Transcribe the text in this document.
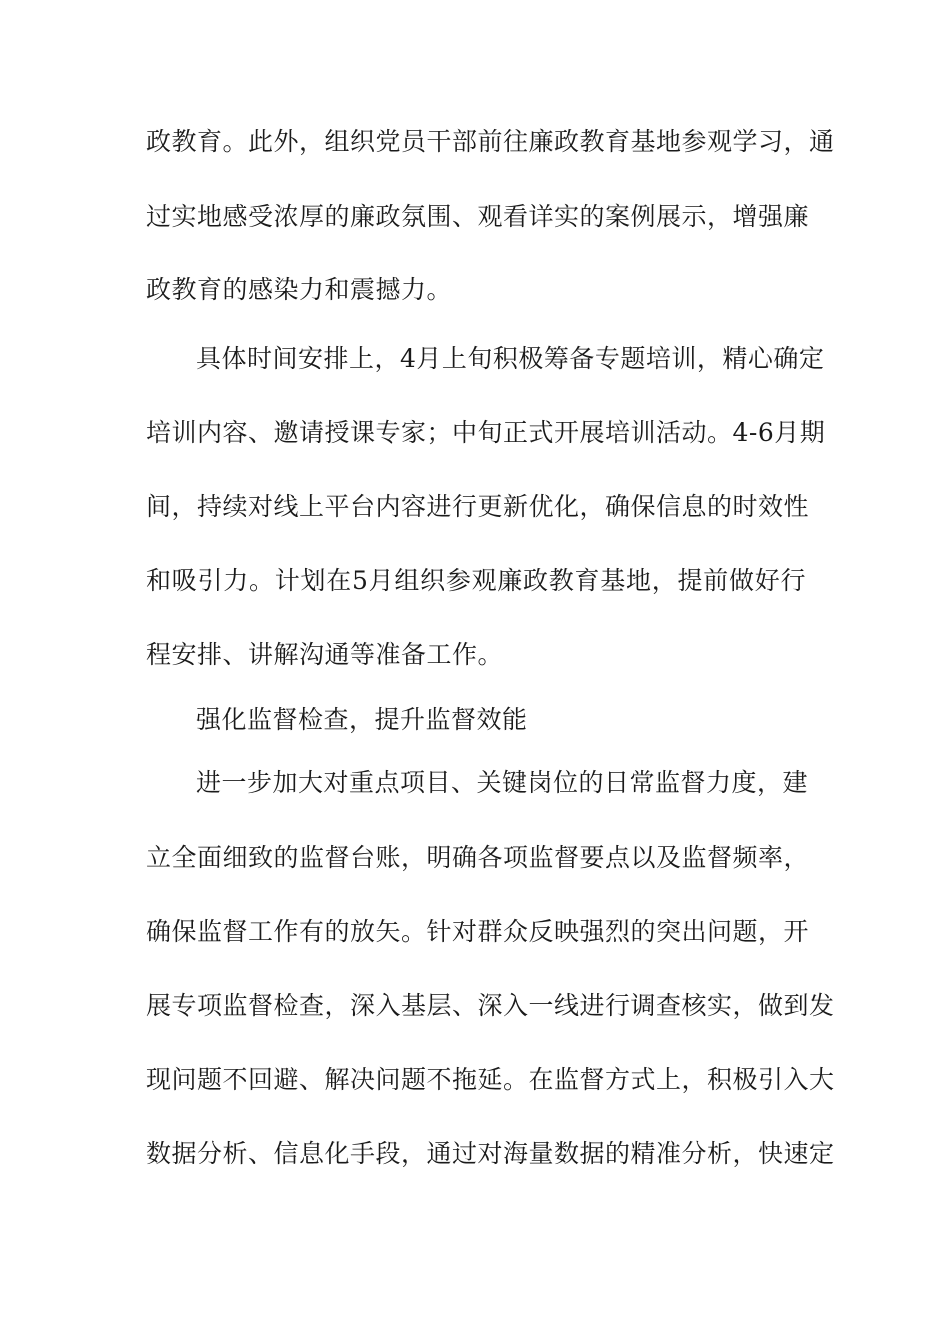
政教育。此外，组织党员干部前往廉政教育基地参观学习，通
过实地感受浓厚的廉政氛围、观看详实的案例展示，增强廉
政教育的感染力和震撼力。
具体时间安排上，4月上旬积极筹备专题培训，精心确定
培训内容、邀请授课专家；中旬正式开展培训活动。4-6月期
间，持续对线上平台内容进行更新优化，确保信息的时效性
和吸引力。计划在5月组织参观廉政教育基地，提前做好行
程安排、讲解沟通等准备工作。
强化监督检查，提升监督效能
进一步加大对重点项目、关键岗位的日常监督力度，建
立全面细致的监督台账，明确各项监督要点以及监督频率，
确保监督工作有的放矢。针对群众反映强烈的突出问题，开
展专项监督检查，深入基层、深入一线进行调查核实，做到发
现问题不回避、解决问题不拖延。在监督方式上，积极引入大
数据分析、信息化手段，通过对海量数据的精准分析，快速定
